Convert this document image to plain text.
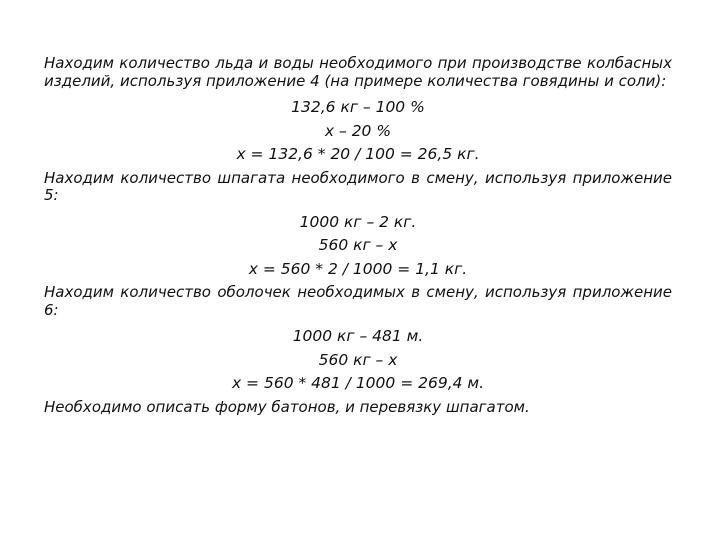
Находим количество льда и воды необходимого при производстве колбасных изделий, используя приложение 4 (на примере количества говядины и соли):

132,6 кг – 100 %

х – 20 %

х = 132,6 * 20 / 100 = 26,5 кг.

Находим количество шпагата необходимого в смену, используя приложение 5:

1000 кг – 2 кг.

560 кг – х

х = 560 * 2 / 1000 = 1,1 кг.

Находим количество оболочек необходимых в смену, используя приложение 6:

1000 кг – 481 м.

560 кг – х

х = 560 * 481 / 1000 = 269,4 м.

Необходимо описать форму батонов, и перевязку шпагатом.
